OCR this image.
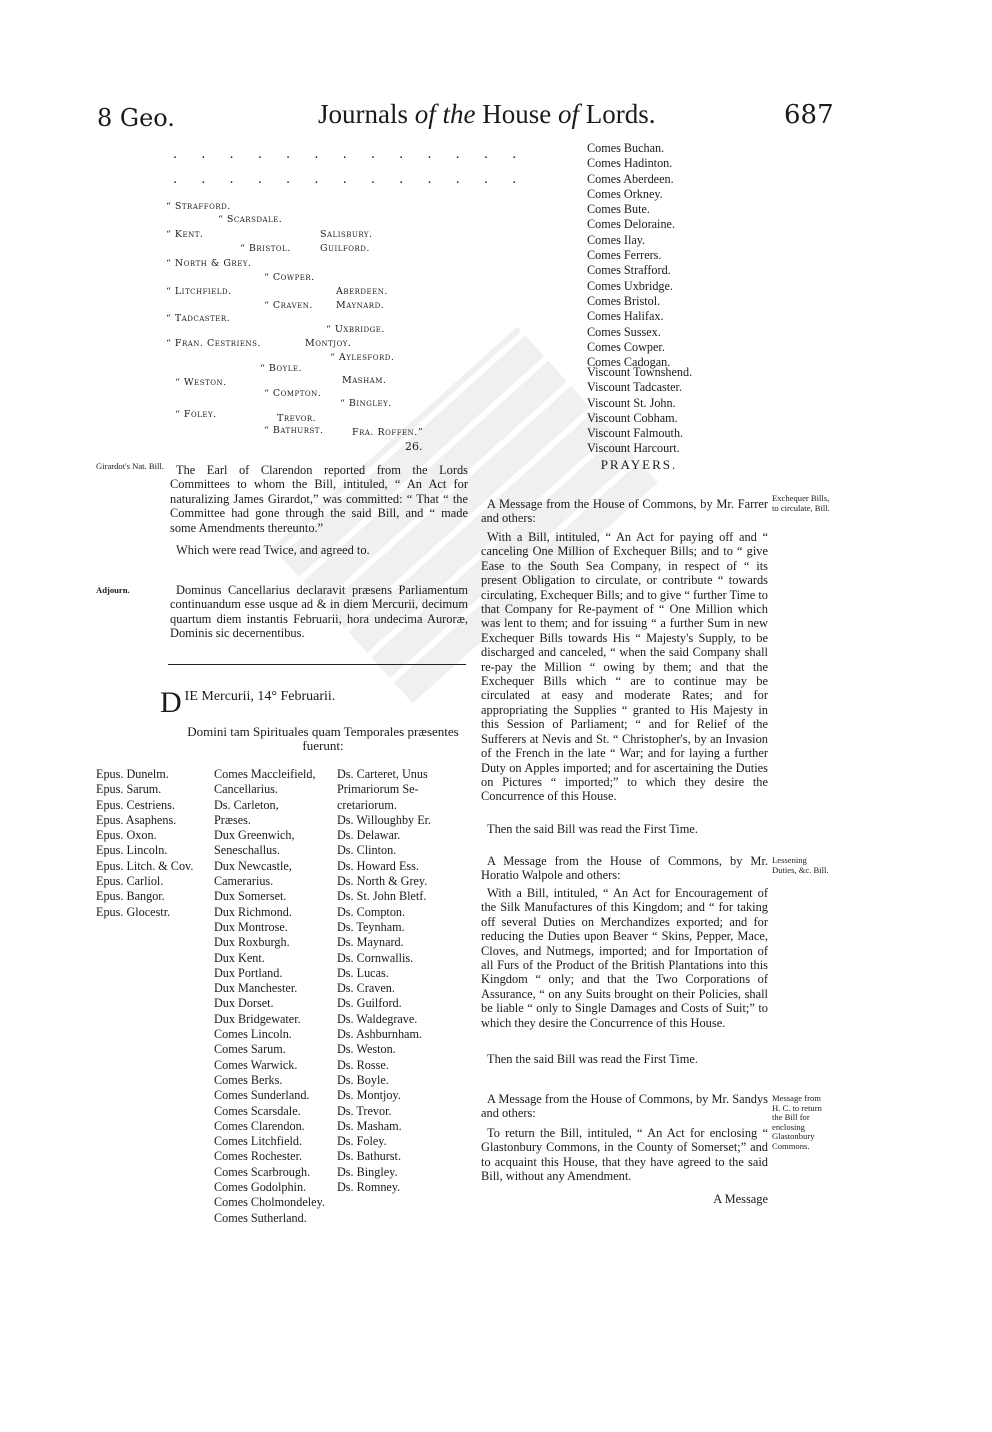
8 Geo.	Journals of the House of Lords.	687
. . . . . . . . . . . . .
. . . . . . . . . . . . .
“ Strafford.
“ Scarsdale.
“ Kent.	Salisbury.
“ Bristol.	Guilford.
“ North & Grey.
“ Cowper.
“ Litchfield.	Aberdeen.
“ Craven. Maynard.
“ Tadcaster.
“ Uxbridge.
“ Fran. Cestriens.	Montjoy.
“ Aylesford.
“ Boyle.
“ Weston.	Masham.
“ Compton.
“ Bingley.
“ Foley.	Trevor.
“ Bathurst.	Fra. Roffen.”
26.
Girardot's Nat. Bill. The Earl of Clarendon reported from the Lords Committees to whom the Bill, intituled, “ An Act for naturalizing James Girardot,” was committed: “ That “ the Committee had gone through the said Bill, and “ made some Amendments thereunto.”
Which were read Twice, and agreed to.
Adjourn.	Dominus Cancellarius declaravit præsens Parliamentum continuandum esse usque ad & in diem Mercurii, decimum quartum diem instantis Februarii, hora undecima Auroræ, Dominis sic decernentibus.
D IE Mercurii, 14° Februarii.
Domini tam Spirituales quam Temporales præsentes
fuerunt:
Epus. Dunelm.
Epus. Sarum.
Epus. Cestriens.
Epus. Asaphens.
Epus. Oxon.
Epus. Lincoln.
Epus. Litch. & Cov.
Epus. Carliol.
Epus. Bangor.
Epus. Glocestr.
Comes Maccleifield,
Cancellarius.
Ds. Carleton,
Præses.
Dux Greenwich,
Seneschallus.
Dux Newcastle,
Camerarius.
Dux Somerset.
Dux Richmond.
Dux Montrose.
Dux Roxburgh.
Dux Kent.
Dux Portland.
Dux Manchester.
Dux Dorset.
Dux Bridgewater.
Comes Lincoln.
Comes Sarum.
Comes Warwick.
Comes Berks.
Comes Sunderland.
Comes Scarsdale.
Comes Clarendon.
Comes Litchfield.
Comes Rochester.
Comes Scarbrough.
Comes Godolphin.
Comes Cholmondeley.
Comes Sutherland.
Ds. Carteret, Unus
Primariorum Se-
cretariorum.
Ds. Willoughby Er.
Ds. Delawar.
Ds. Clinton.
Ds. Howard Ess.
Ds. North & Grey.
Ds. St. John Bletf.
Ds. Compton.
Ds. Teynham.
Ds. Maynard.
Ds. Cornwallis.
Ds. Lucas.
Ds. Craven.
Ds. Guilford.
Ds. Waldegrave.
Ds. Ashburnham.
Ds. Weston.
Ds. Rosse.
Ds. Boyle.
Ds. Montjoy.
Ds. Trevor.
Ds. Masham.
Ds. Foley.
Ds. Bathurst.
Ds. Bingley.
Ds. Romney.
Comes Buchan.
Comes Hadinton.
Comes Aberdeen.
Comes Orkney.
Comes Bute.
Comes Deloraine.
Comes Ilay.
Comes Ferrers.
Comes Strafford.
Comes Uxbridge.
Comes Bristol.
Comes Halifax.
Comes Sussex.
Comes Cowper.
Comes Cadogan.
Viscount Townshend.
Viscount Tadcaster.
Viscount St. John.
Viscount Cobham.
Viscount Falmouth.
Viscount Harcourt.
PRAYERS.
Exchequer Bills, to circulate, Bill.
A Message from the House of Commons, by Mr. Farrer and others:
With a Bill, intituled, “ An Act for paying off and “ canceling One Million of Exchequer Bills; and to “ give Ease to the South Sea Company, in respect of “ its present Obligation to circulate, or contribute “ towards circulating, Exchequer Bills; and to give “ further Time to that Company for Re-payment of “ One Million which was lent to them; and for issuing “ a further Sum in new Exchequer Bills towards His “ Majesty's Supply, to be discharged and canceled, “ when the said Company shall re-pay the Million “ owing by them; and that the Exchequer Bills which “ are to continue may be circulated at easy and moderate Rates; and for appropriating the Supplies “ granted to His Majesty in this Session of Parliament; “ and for Relief of the Sufferers at Nevis and St. “ Christopher's, by an Invasion of the French in the late “ War; and for laying a further Duty on Apples imported; and for ascertaining the Duties on Pictures “ imported;” to which they desire the Concurrence of this House.
Then the said Bill was read the First Time.
Lessening Duties, &c. Bill.
A Message from the House of Commons, by Mr. Horatio Walpole and others:
With a Bill, intituled, “ An Act for Encouragement of the Silk Manufactures of this Kingdom; and “ for taking off several Duties on Merchandizes exported; and for reducing the Duties upon Beaver “ Skins, Pepper, Mace, Cloves, and Nutmegs, imported; and for Importation of all Furs of the Product of the British Plantations into this Kingdom “ only; and that the Two Corporations of Assurance, “ on any Suits brought on their Policies, shall be liable “ only to Single Damages and Costs of Suit;” to which they desire the Concurrence of this House.
Then the said Bill was read the First Time.
Message from H. C. to return the Bill for enclosing Glastonbury Commons.
A Message from the House of Commons, by Mr. Sandys and others:
To return the Bill, intituled, “ An Act for enclosing “ Glastonbury Commons, in the County of Somerset;” and to acquaint this House, that they have agreed to the said Bill, without any Amendment.
A Message
